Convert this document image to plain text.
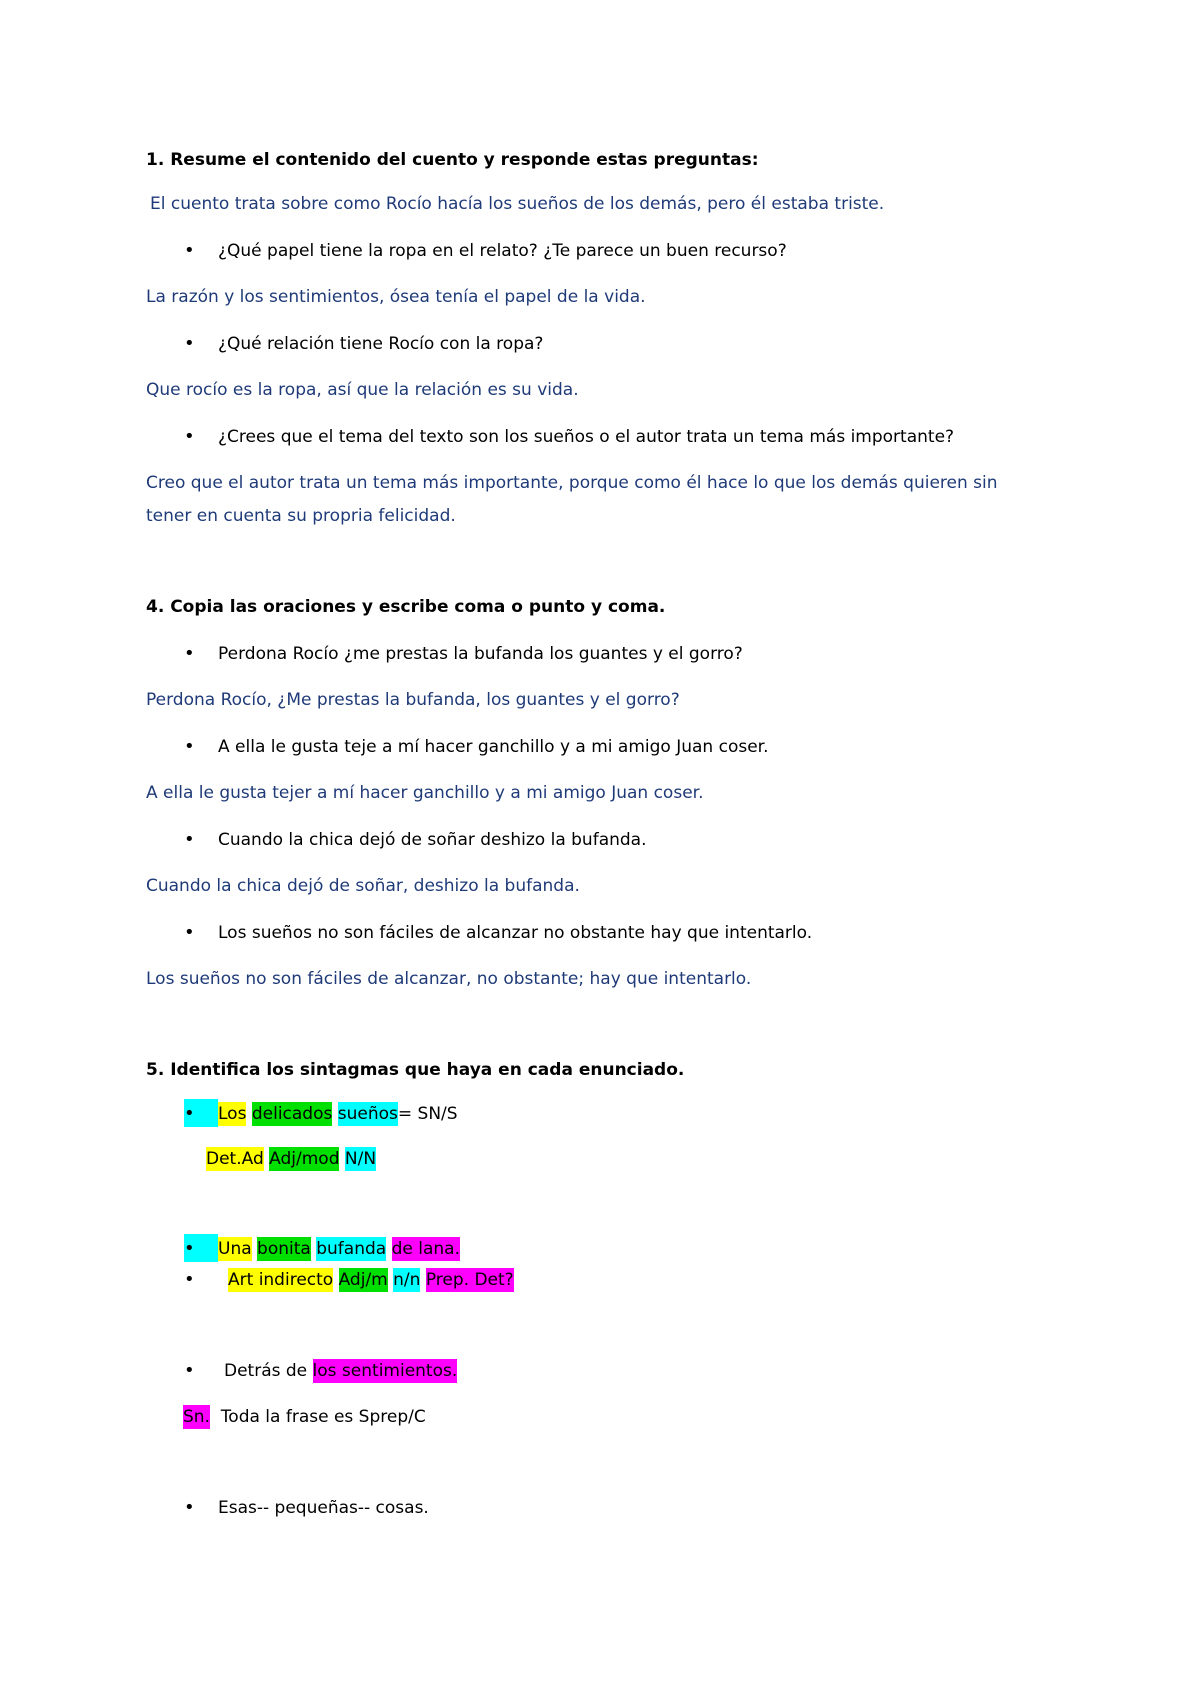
1. Resume el contenido del cuento y responde estas preguntas:
El cuento trata sobre como Rocío hacía los sueños de los demás, pero él estaba triste.
• ¿Qué papel tiene la ropa en el relato? ¿Te parece un buen recurso?
La razón y los sentimientos, ósea tenía el papel de la vida.
• ¿Qué relación tiene Rocío con la ropa?
Que rocío es la ropa, así que la relación es su vida.
• ¿Crees que el tema del texto son los sueños o el autor trata un tema más importante?
Creo que el autor trata un tema más importante, porque como él hace lo que los demás quieren sin
tener en cuenta su propria felicidad.
4. Copia las oraciones y escribe coma o punto y coma.
• Perdona Rocío ¿me prestas la bufanda los guantes y el gorro?
Perdona Rocío, ¿Me prestas la bufanda, los guantes y el gorro?
• A ella le gusta teje a mí hacer ganchillo y a mi amigo Juan coser.
A ella le gusta tejer a mí hacer ganchillo y a mi amigo Juan coser.
• Cuando la chica dejó de soñar deshizo la bufanda.
Cuando la chica dejó de soñar, deshizo la bufanda.
• Los sueños no son fáciles de alcanzar no obstante hay que intentarlo.
Los sueños no son fáciles de alcanzar, no obstante; hay que intentarlo.
5. Identifica los sintagmas que haya en cada enunciado.
• Los delicados sueños= SN/S
Det.Ad Adj/mod N/N
• Una bonita bufanda de lana.
• Art indirecto Adj/m n/n Prep. Det?
• Detrás de los sentimientos.
Sn. Toda la frase es Sprep/C
• Esas-- pequeñas-- cosas.
